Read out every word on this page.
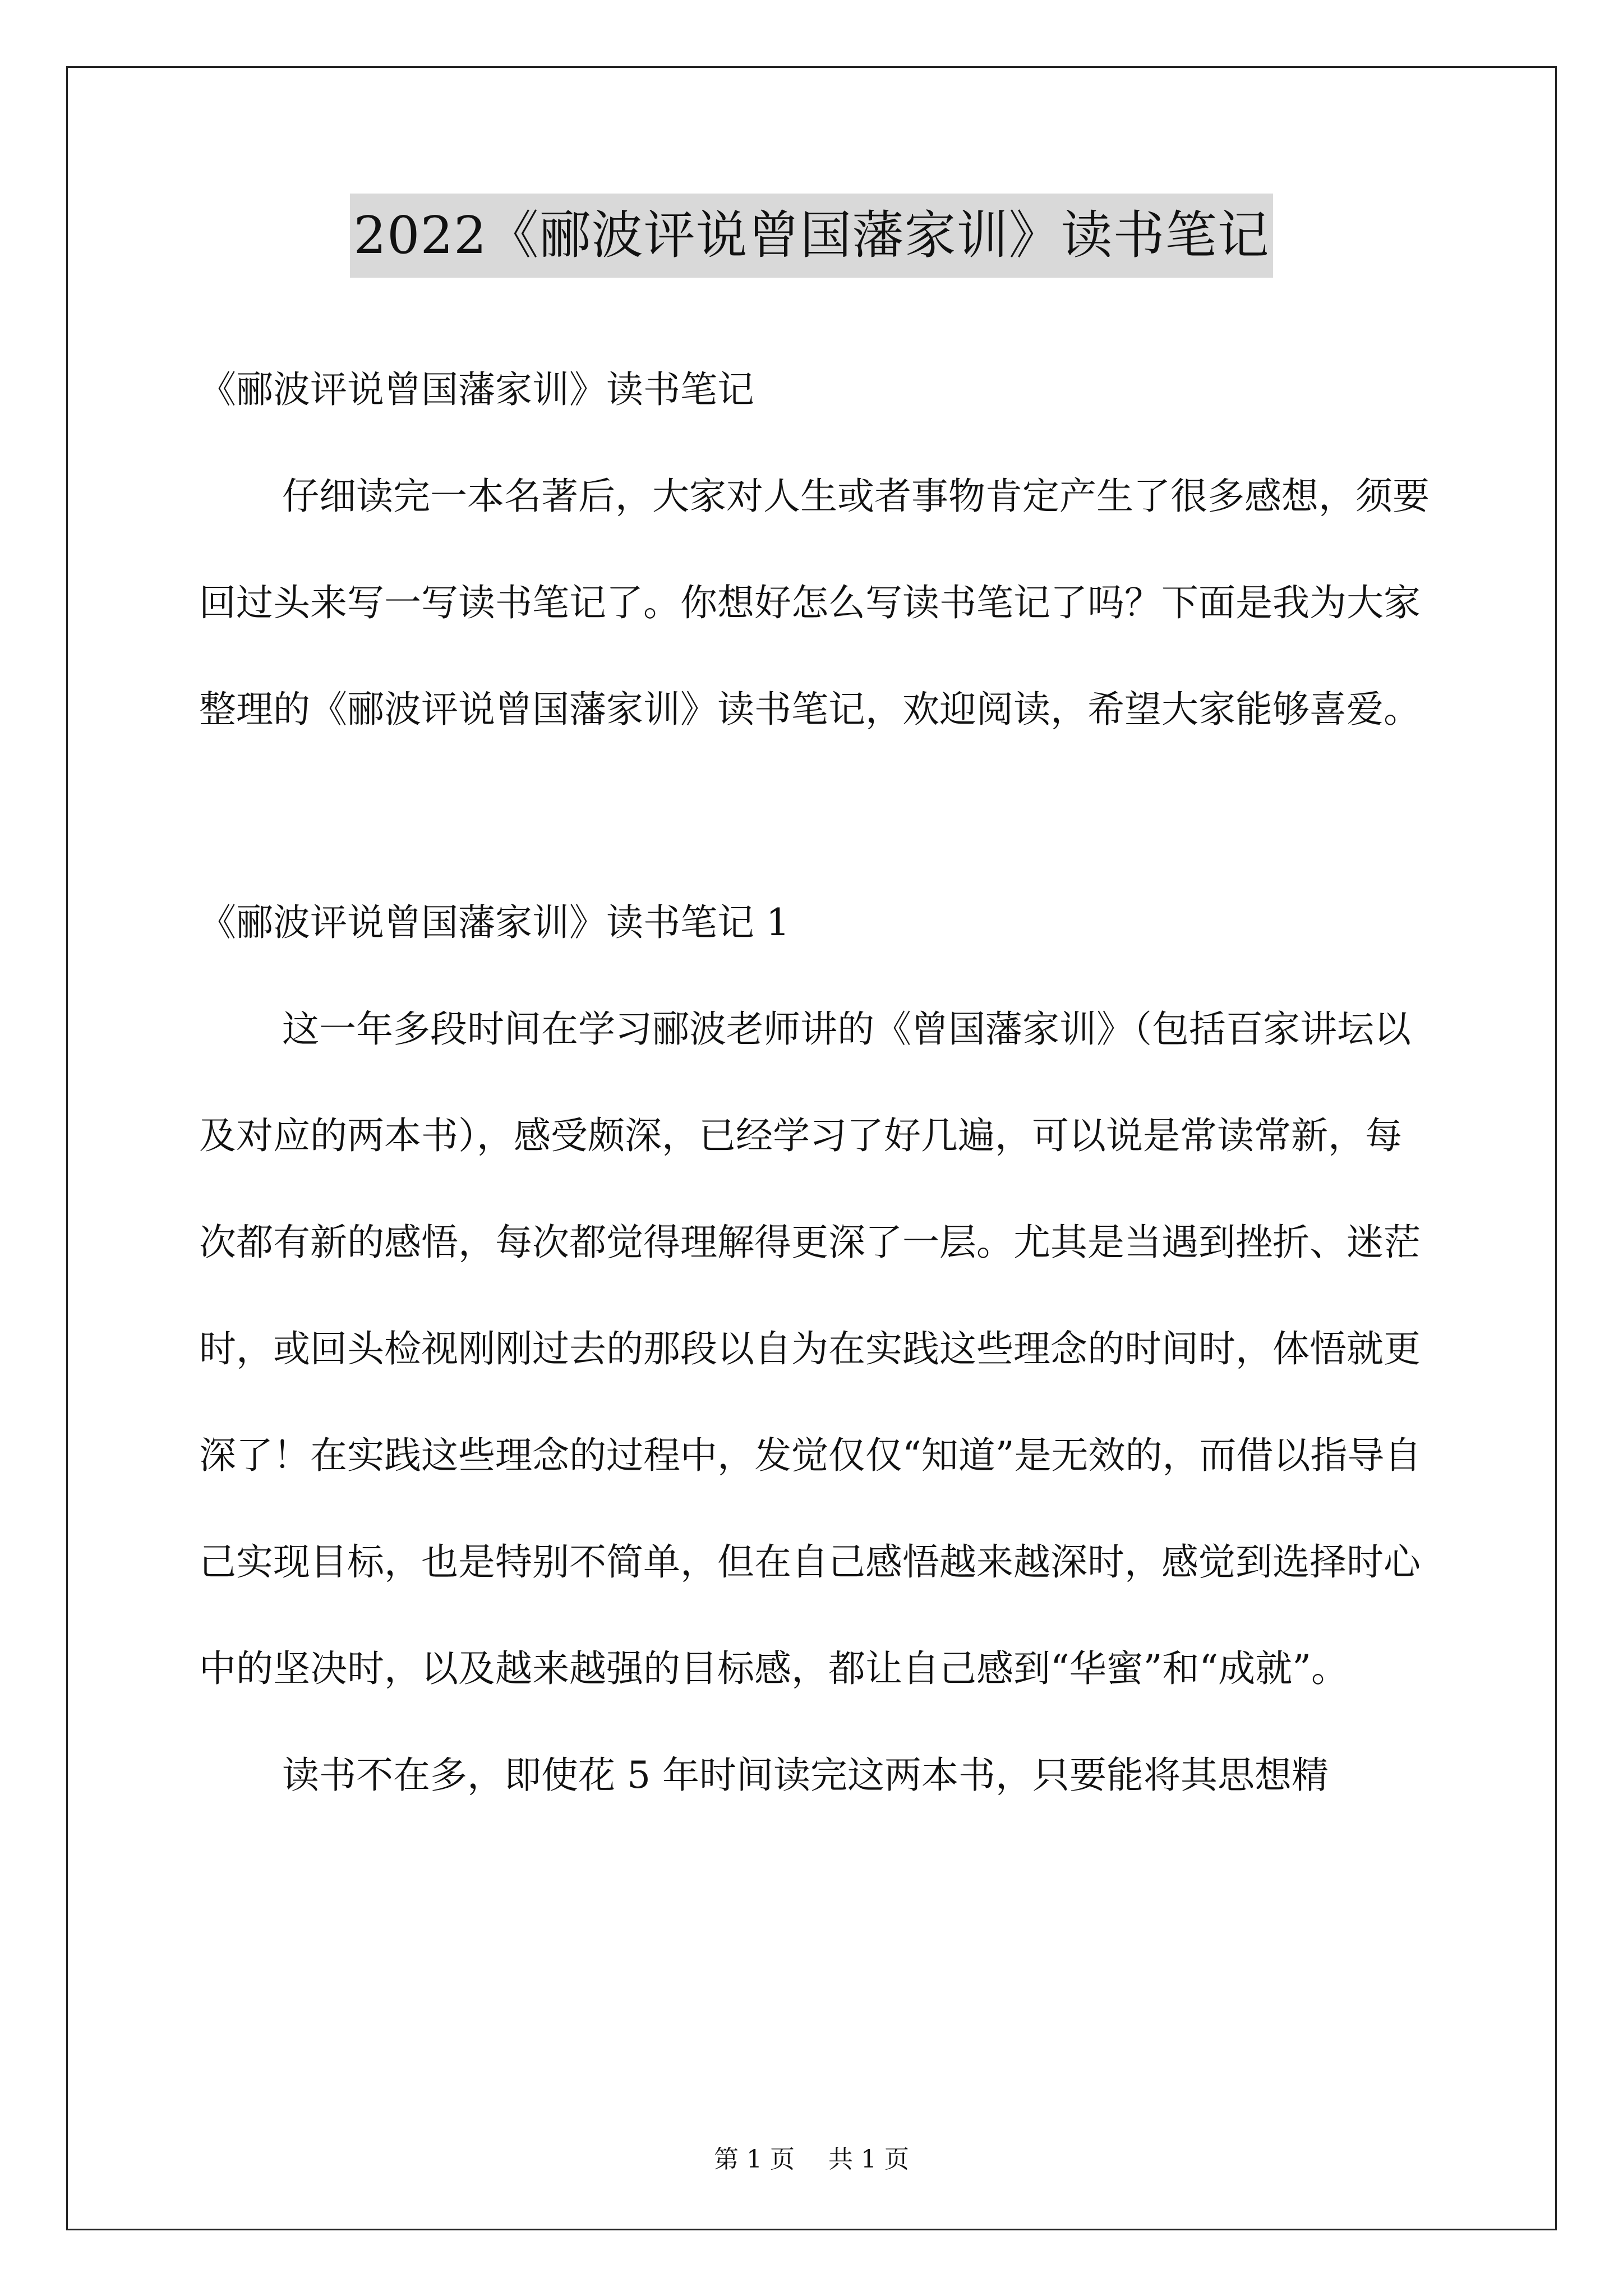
2022《郦波评说曾国藩家训》读书笔记

《郦波评说曾国藩家训》读书笔记

仔细读完一本名著后，大家对人生或者事物肯定产生了很多感想，须要回过头来写一写读书笔记了。你想好怎么写读书笔记了吗？下面是我为大家整理的《郦波评说曾国藩家训》读书笔记，欢迎阅读，希望大家能够喜爱。

《郦波评说曾国藩家训》读书笔记 1

这一年多段时间在学习郦波老师讲的《曾国藩家训》（包括百家讲坛以及对应的两本书），感受颇深，已经学习了好几遍，可以说是常读常新，每次都有新的感悟，每次都觉得理解得更深了一层。尤其是当遇到挫折、迷茫时，或回头检视刚刚过去的那段以自为在实践这些理念的时间时，体悟就更深了！在实践这些理念的过程中，发觉仅仅“知道”是无效的，而借以指导自己实现目标，也是特别不简单，但在自己感悟越来越深时，感觉到选择时心中的坚决时，以及越来越强的目标感，都让自己感到“华蜜”和“成就”。

读书不在多，即使花 5 年时间读完这两本书，只要能将其思想精

第 1 页 共 1 页
